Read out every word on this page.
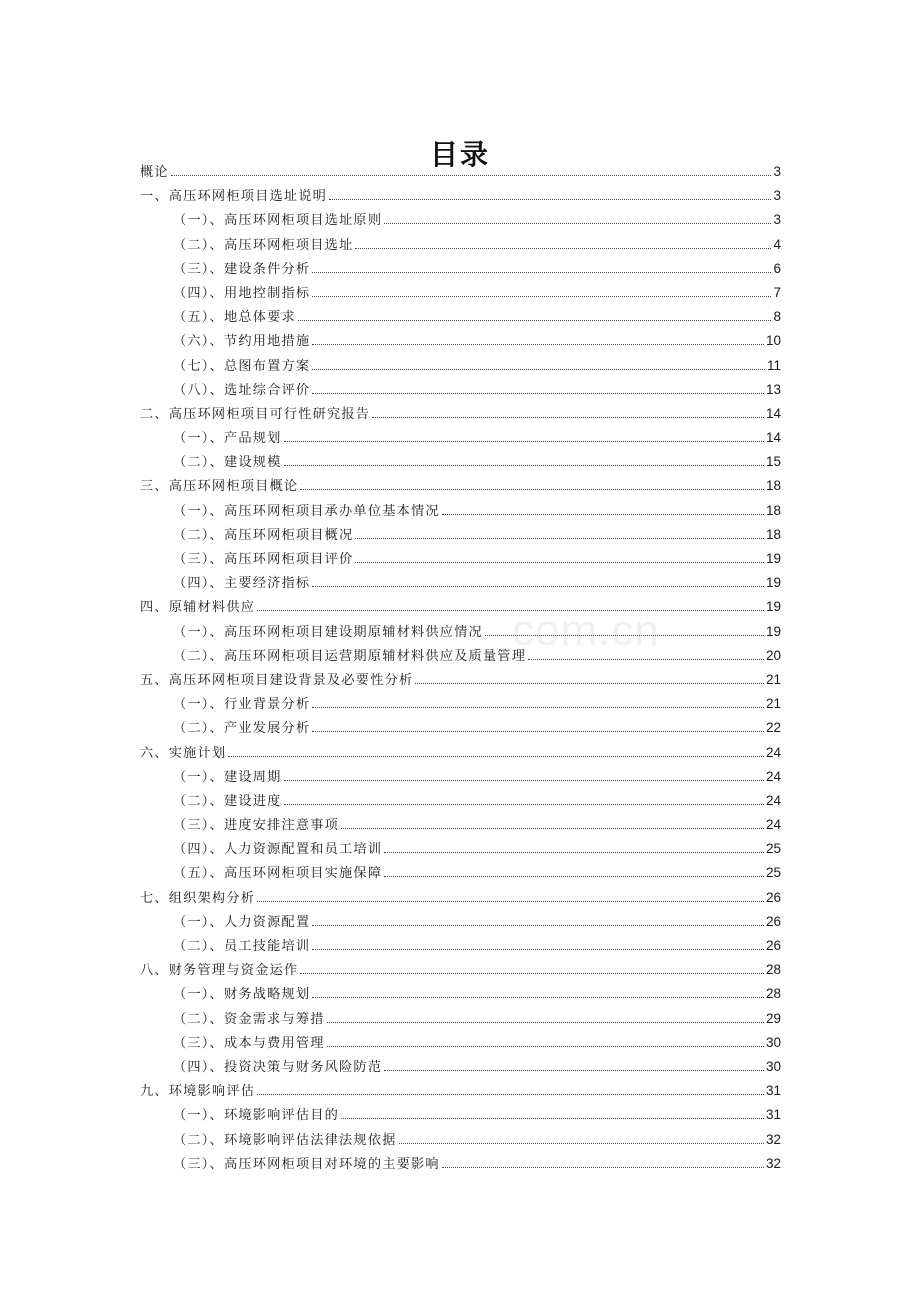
com.cn
目录
概论	3
一、高压环网柜项目选址说明	3
（一）、高压环网柜项目选址原则	3
（二）、高压环网柜项目选址	4
（三）、建设条件分析	6
（四）、用地控制指标	7
（五）、地总体要求	8
（六）、节约用地措施	10
（七）、总图布置方案	11
（八）、选址综合评价	13
二、高压环网柜项目可行性研究报告	14
（一）、产品规划	14
（二）、建设规模	15
三、高压环网柜项目概论	18
（一）、高压环网柜项目承办单位基本情况	18
（二）、高压环网柜项目概况	18
（三）、高压环网柜项目评价	19
（四）、主要经济指标	19
四、原辅材料供应	19
（一）、高压环网柜项目建设期原辅材料供应情况	19
（二）、高压环网柜项目运营期原辅材料供应及质量管理	20
五、高压环网柜项目建设背景及必要性分析	21
（一）、行业背景分析	21
（二）、产业发展分析	22
六、实施计划	24
（一）、建设周期	24
（二）、建设进度	24
（三）、进度安排注意事项	24
（四）、人力资源配置和员工培训	25
（五）、高压环网柜项目实施保障	25
七、组织架构分析	26
（一）、人力资源配置	26
（二）、员工技能培训	26
八、财务管理与资金运作	28
（一）、财务战略规划	28
（二）、资金需求与筹措	29
（三）、成本与费用管理	30
（四）、投资决策与财务风险防范	30
九、环境影响评估	31
（一）、环境影响评估目的	31
（二）、环境影响评估法律法规依据	32
（三）、高压环网柜项目对环境的主要影响	32
